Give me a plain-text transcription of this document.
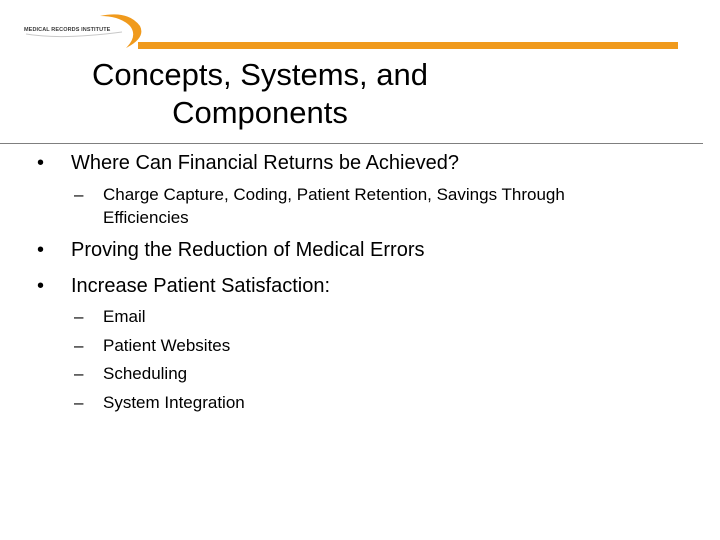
MEDICAL RECORDS INSTITUTE
Concepts, Systems, and
Components
• Where Can Financial Returns be Achieved?
– Charge Capture, Coding, Patient Retention, Savings Through
Efficiencies
• Proving the Reduction of Medical Errors
• Increase Patient Satisfaction:
– Email
– Patient Websites
– Scheduling
– System Integration
